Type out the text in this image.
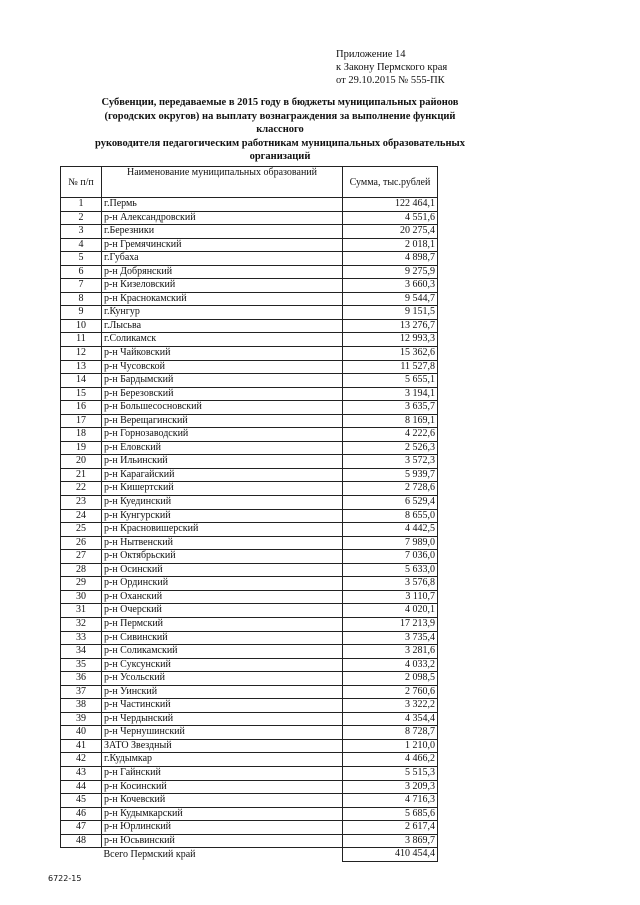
Приложение 14
к Закону Пермского края
от 29.10.2015 № 555-ПК
Субвенции, передаваемые в 2015 году в бюджеты муниципальных районов
(городских округов) на выплату вознаграждения за выполнение функций классного
руководителя педагогическим работникам муниципальных образовательных
организаций
№ п/п	Наименование муниципальных образований	Сумма, тыс.рублей
1	г.Пермь	122 464,1
2	р-н Александровский	4 551,6
3	г.Березники	20 275,4
4	р-н Гремячинский	2 018,1
5	г.Губаха	4 898,7
6	р-н Добрянский	9 275,9
7	р-н Кизеловский	3 660,3
8	р-н Краснокамский	9 544,7
9	г.Кунгур	9 151,5
10	г.Лысьва	13 276,7
11	г.Соликамск	12 993,3
12	р-н Чайковский	15 362,6
13	р-н Чусовской	11 527,8
14	р-н Бардымский	5 655,1
15	р-н Березовский	3 194,1
16	р-н Большесосновский	3 635,7
17	р-н Верещагинский	8 169,1
18	р-н Горнозаводский	4 222,6
19	р-н Еловский	2 526,3
20	р-н Ильинский	3 572,3
21	р-н Карагайский	5 939,7
22	р-н Кишертский	2 728,6
23	р-н Куединский	6 529,4
24	р-н Кунгурский	8 655,0
25	р-н Красновишерский	4 442,5
26	р-н Нытвенский	7 989,0
27	р-н Октябрьский	7 036,0
28	р-н Осинский	5 633,0
29	р-н Ординский	3 576,8
30	р-н Оханский	3 110,7
31	р-н Очерский	4 020,1
32	р-н Пермский	17 213,9
33	р-н Сивинский	3 735,4
34	р-н Соликамский	3 281,6
35	р-н Суксунский	4 033,2
36	р-н Усольский	2 098,5
37	р-н Уинский	2 760,6
38	р-н Частинский	3 322,2
39	р-н Чердынский	4 354,4
40	р-н Чернушинский	8 728,7
41	ЗАТО Звездный	1 210,0
42	г.Кудымкар	4 466,2
43	р-н Гайнский	5 515,3
44	р-н Косинский	3 209,3
45	р-н Кочевский	4 716,3
46	р-н Кудымкарский	5 685,6
47	р-н Юрлинский	2 617,4
48	р-н Юсьвинский	3 869,7
	Всего Пермский край	410 454,4
6722-15
